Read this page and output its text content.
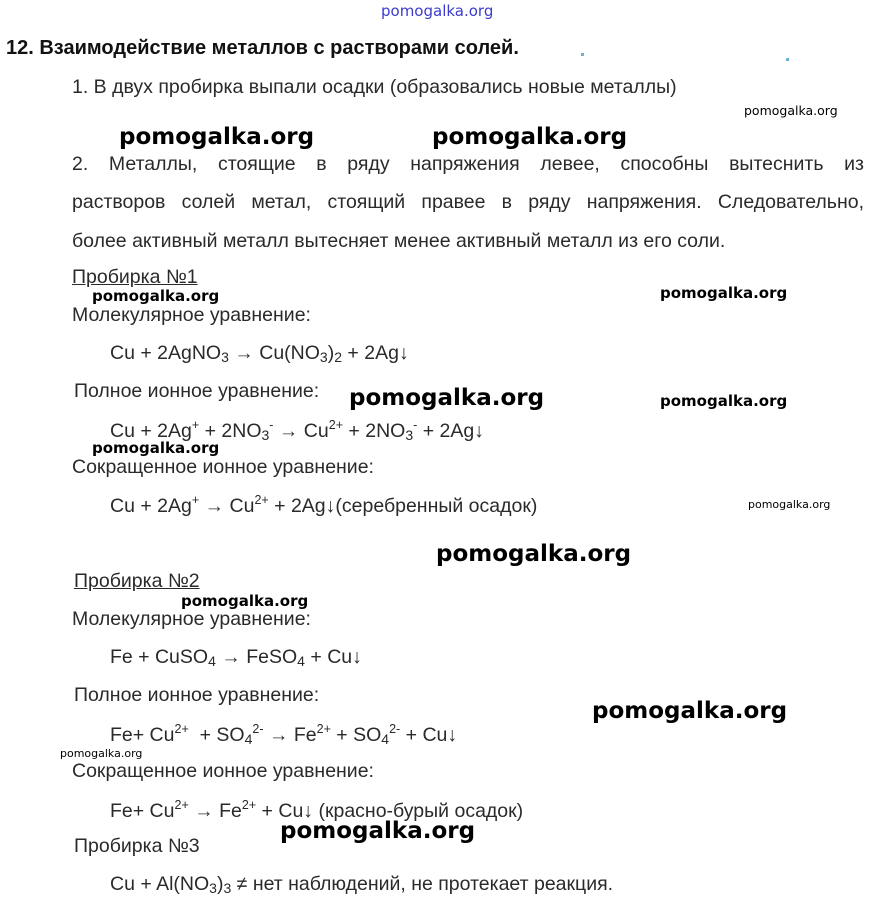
pomogalka.org
12. Взаимодействие металлов с растворами солей.
1. В двух пробирка выпали осадки (образовались новые металлы)
2. Металлы, стоящие в ряду напряжения левее, способны вытеснить из
растворов солей метал, стоящий правее в ряду напряжения. Следовательно,
более активный металл вытесняет менее активный металл из его соли.
Пробирка №1
Молекулярное уравнение:
Cu + 2AgNO$_3$ → $Cu(NO_3)_2$ + 2Ag↓
Полное ионное уравнение:
$Cu + 2Ag^+ + 2NO_3^- \to Cu^{2+} + 2NO_3^-$ + 2Ag↓
Сокращенное ионное уравнение:
$Cu + 2Ag^+ \to Cu^{2+}$ + 2Ag↓(серебренный осадок)
Пробирка №2
Молекулярное уравнение:
Fe + CuSO$_4$ → FeSO$_4$ + Cu↓
Полное ионное уравнение:
$Fe+ Cu^{2+} + SO_4^{2-} \to Fe^{2+} + SO_4^{2-}$ + Cu↓
Сокращенное ионное уравнение:
$Fe+ Cu^{2+} \to Fe^{2+}$ + Cu↓ (красно-бурый осадок)
Пробирка №3
$Cu + Al(NO_3)_3$ ≠ нет наблюдений, не протекает реакция.
pomogalka.org
pomogalka.org	pomogalka.org
pomogalka.org	pomogalka.org
pomogalka.org	pomogalka.org
pomogalka.org
pomogalka.org
pomogalka.org
pomogalka.org
pomogalka.org
pomogalka.org
pomogalka.org
